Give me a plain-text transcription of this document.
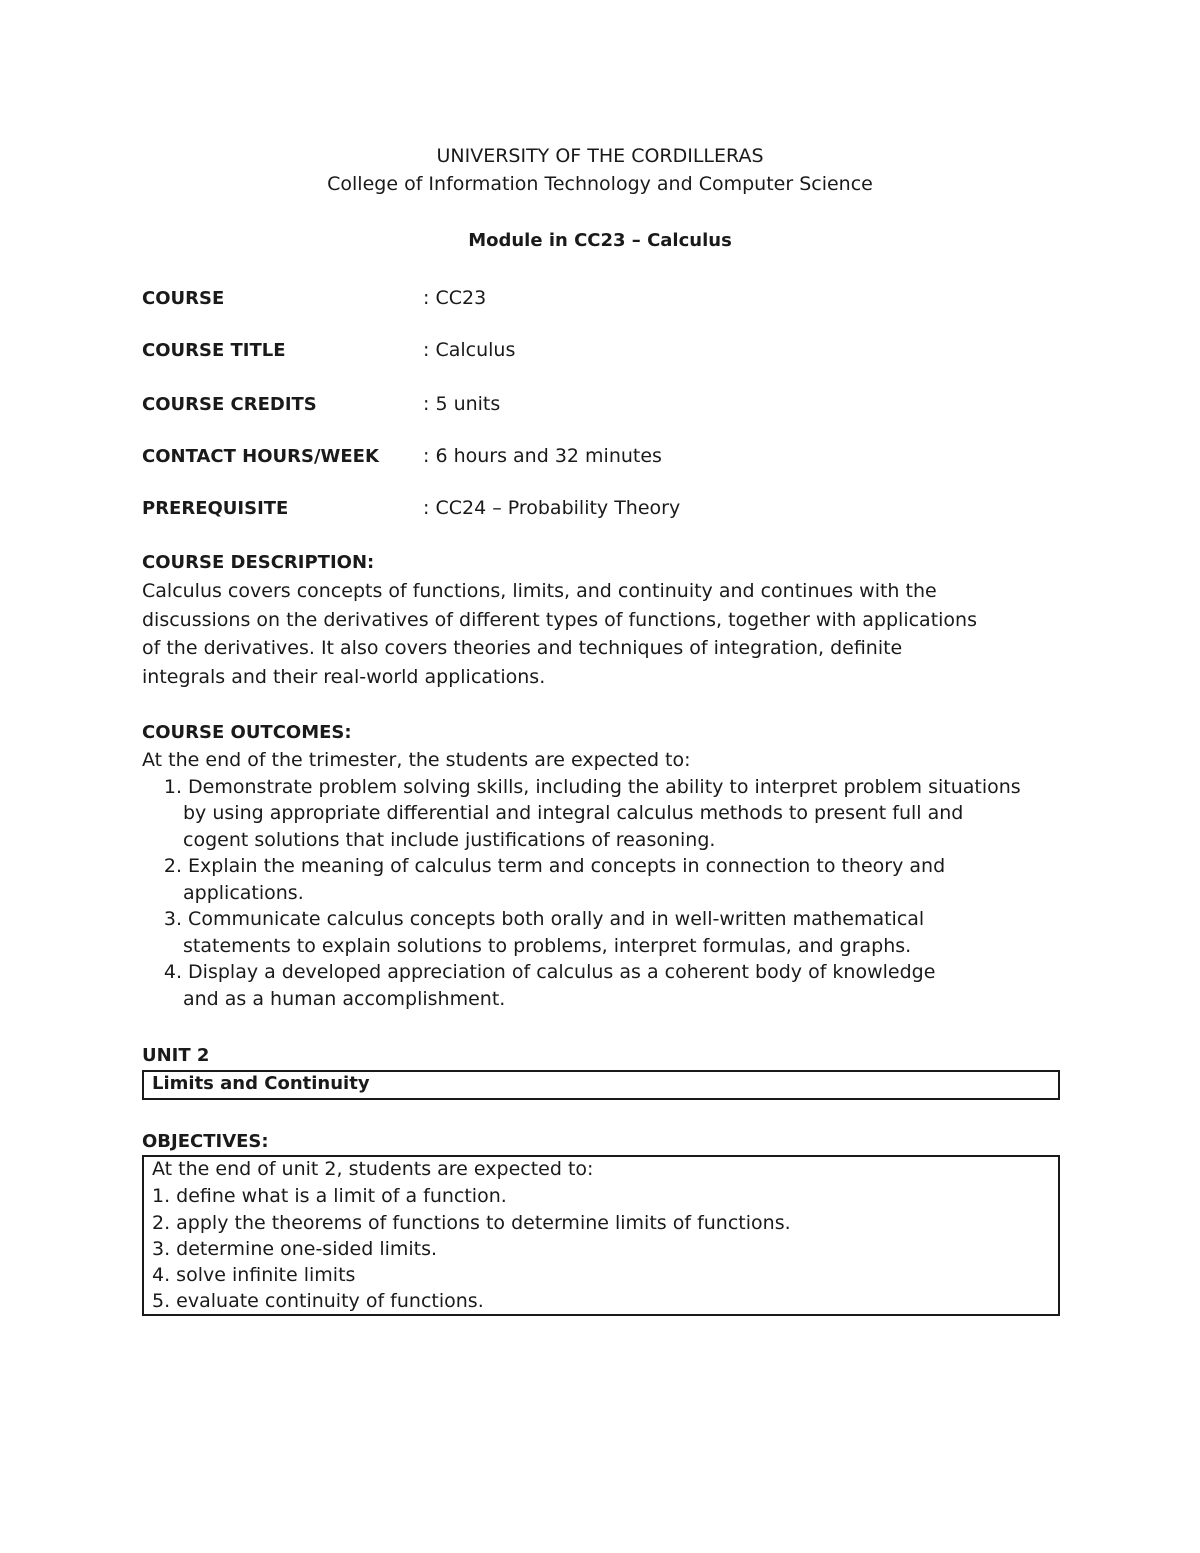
UNIVERSITY OF THE CORDILLERAS
College of Information Technology and Computer Science
Module in CC23 – Calculus
COURSE	: CC23
COURSE TITLE	: Calculus
COURSE CREDITS	: 5 units
CONTACT HOURS/WEEK : 6 hours and 32 minutes
PREREQUISITE	: CC24 – Probability Theory
COURSE DESCRIPTION:

Calculus covers concepts of functions, limits, and continuity and continues with the

discussions on the derivatives of different types of functions, together with applications

of the derivatives. It also covers theories and techniques of integration, definite

integrals and their real-world applications.

COURSE OUTCOMES:
At the end of the trimester, the students are expected to:
1. Demonstrate problem solving skills, including the ability to interpret problem situations
by using appropriate differential and integral calculus methods to present full and
cogent solutions that include justifications of reasoning.
2. Explain the meaning of calculus term and concepts in connection to theory and
applications.
3. Communicate calculus concepts both orally and in well-written mathematical
statements to explain solutions to problems, interpret formulas, and graphs.
4. Display a developed appreciation of calculus as a coherent body of knowledge
and as a human accomplishment.
UNIT 2
Limits and Continuity
OBJECTIVES:
At the end of unit 2, students are expected to:
1. define what is a limit of a function.
2. apply the theorems of functions to determine limits of functions.
3. determine one-sided limits.
4. solve infinite limits
5. evaluate continuity of functions.
